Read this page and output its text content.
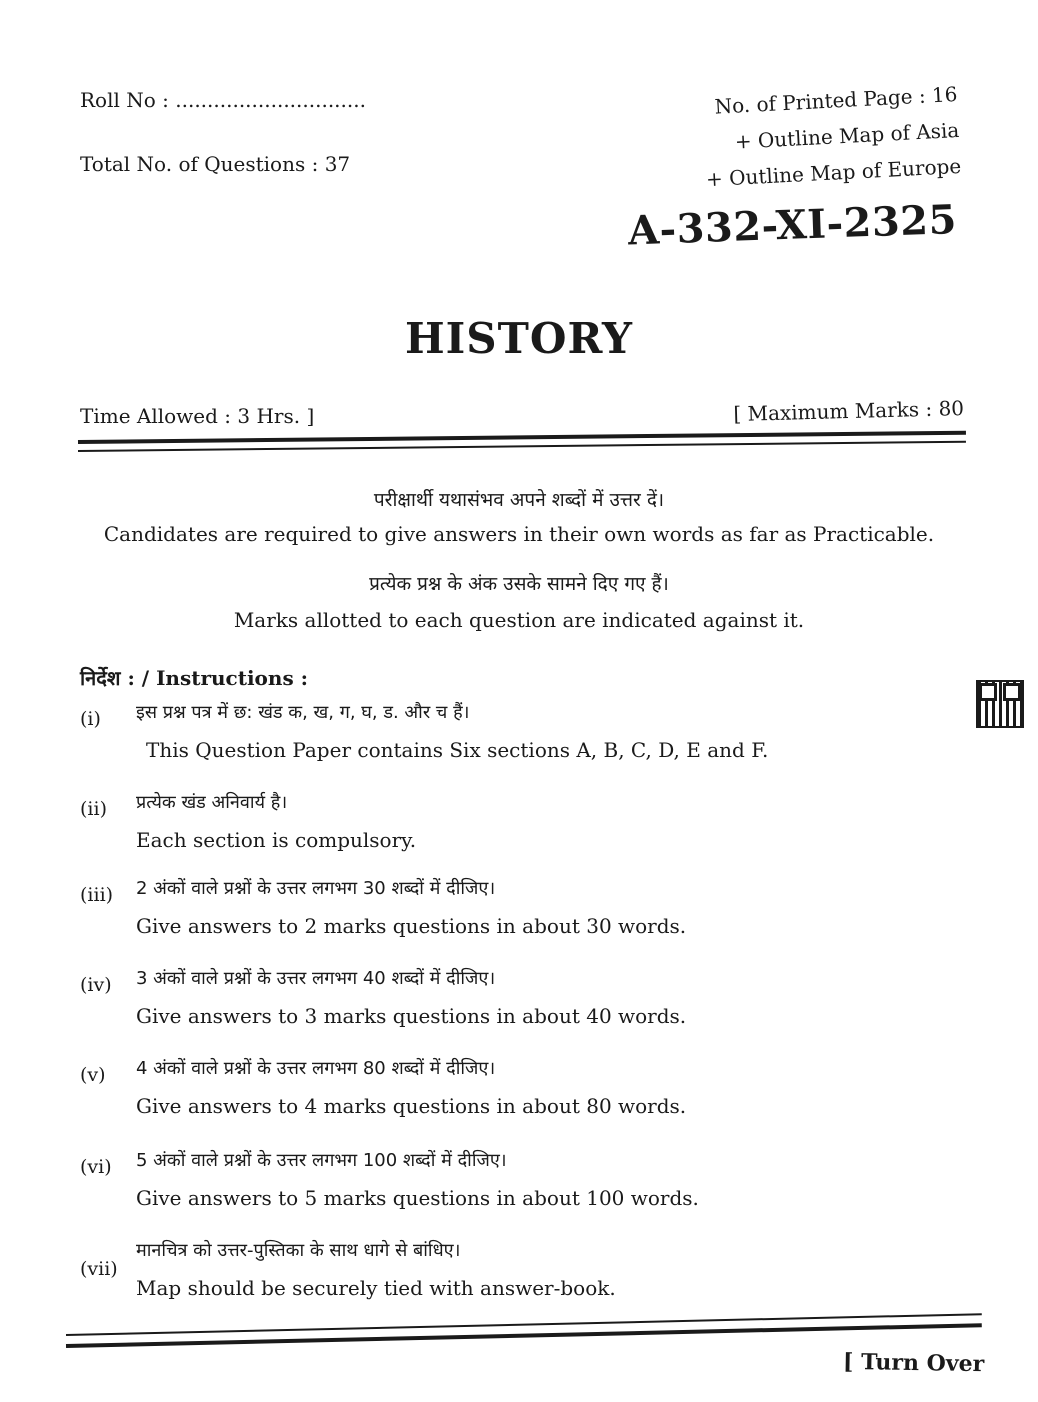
Roll No : ..............................
Total No. of Questions : 37
No. of Printed Page : 16
+ Outline Map of Asia
+ Outline Map of Europe
A-332-XI-2325
HISTORY
Time Allowed : 3 Hrs. ]	[ Maximum Marks : 80
परीक्षार्थी यथासंभव अपने शब्दों में उत्तर दें।
Candidates are required to give answers in their own words as far as Practicable.
प्रत्येक प्रश्न के अंक उसके सामने दिए गए हैं।
Marks allotted to each question are indicated against it.
निर्देश : / Instructions :
(i) इस प्रश्न पत्र में छ: खंड क, ख, ग, घ, ड. और च हैं।
This Question Paper contains Six sections A, B, C, D, E and F.
(ii) प्रत्येक खंड अनिवार्य है।
Each section is compulsory.
(iii) 2 अंकों वाले प्रश्नों के उत्तर लगभग 30 शब्दों में दीजिए।
Give answers to 2 marks questions in about 30 words.
(iv) 3 अंकों वाले प्रश्नों के उत्तर लगभग 40 शब्दों में दीजिए।
Give answers to 3 marks questions in about 40 words.
(v) 4 अंकों वाले प्रश्नों के उत्तर लगभग 80 शब्दों में दीजिए।
Give answers to 4 marks questions in about 80 words.
(vi) 5 अंकों वाले प्रश्नों के उत्तर लगभग 100 शब्दों में दीजिए।
Give answers to 5 marks questions in about 100 words.
(vii)
मानचित्र को उत्तर-पुस्तिका के साथ धागे से बांधिए।
Map should be securely tied with answer-book.
[ Turn Over
